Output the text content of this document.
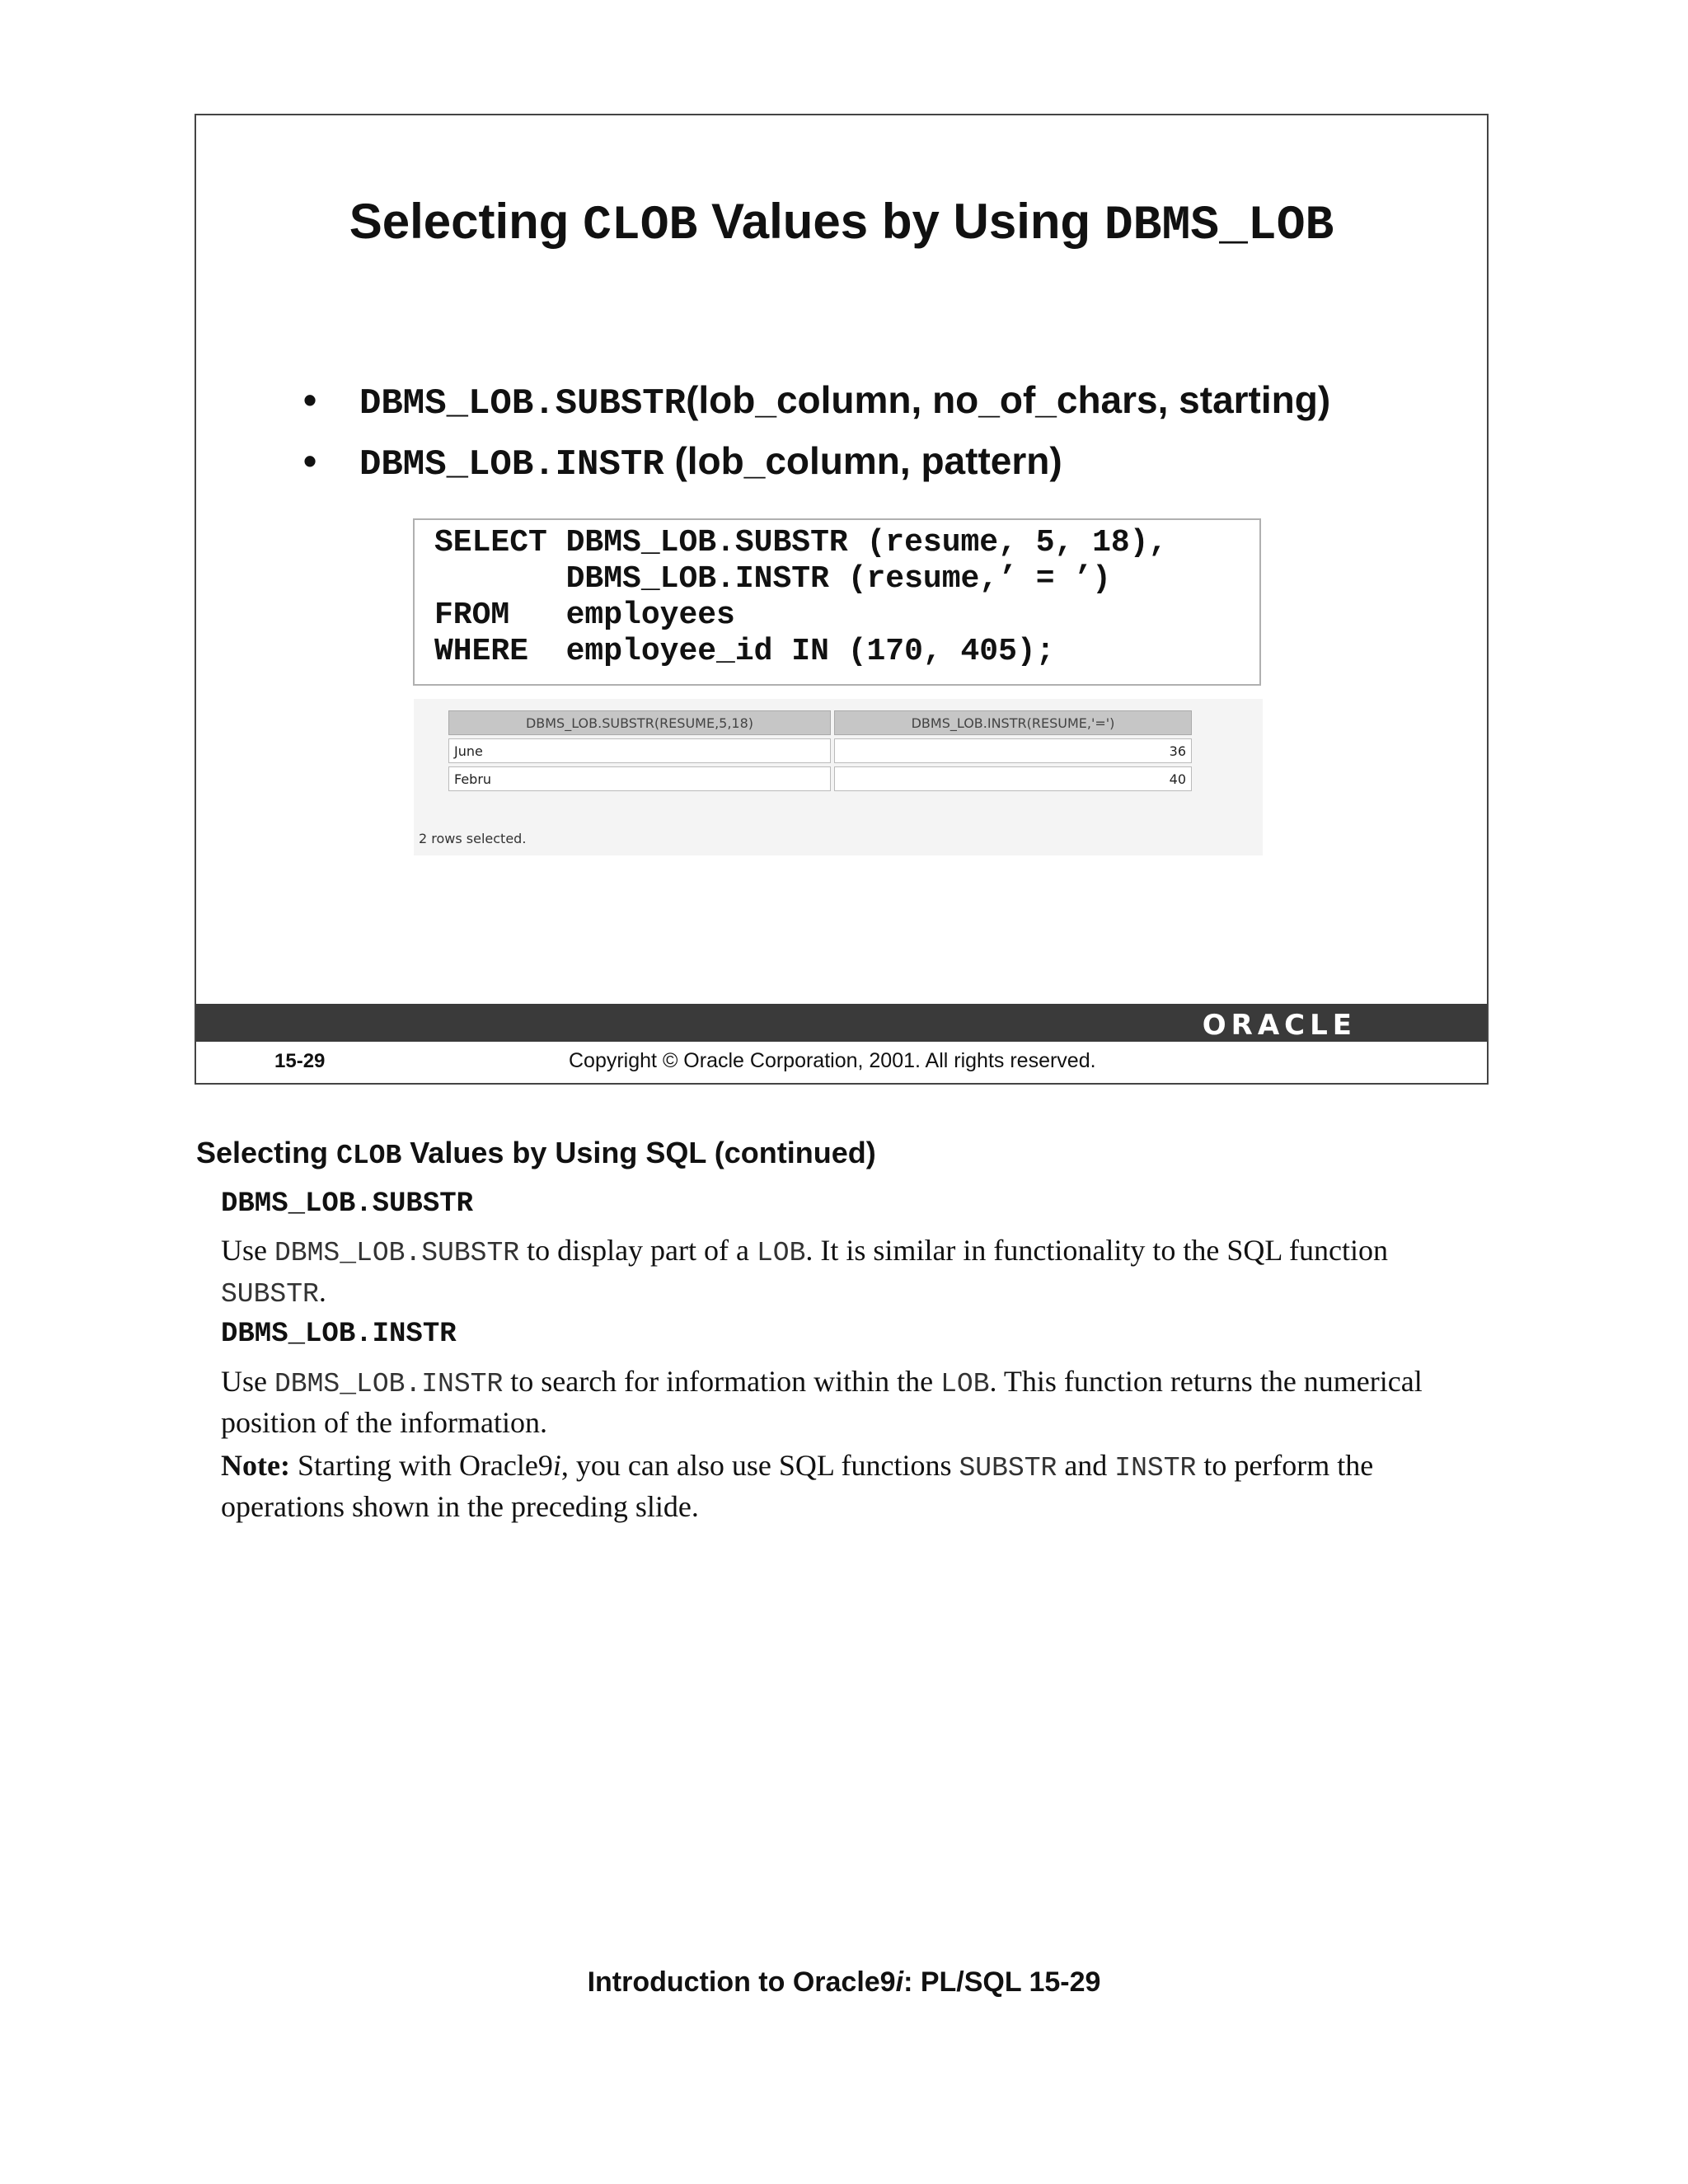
Selecting CLOB Values by Using DBMS_LOB
• DBMS_LOB.SUBSTR(lob_column, no_of_chars, starting)
• DBMS_LOB.INSTR (lob_column, pattern)
SELECT DBMS_LOB.SUBSTR (resume, 5, 18),
DBMS_LOB.INSTR (resume,’ = ’)
FROM   employees
WHERE  employee_id IN (170, 405);
DBMS_LOB.SUBSTR(RESUME,5,18)	DBMS_LOB.INSTR(RESUME,'=')
June	36
Febru	40
2 rows selected.
ORACLE
15-29	Copyright © Oracle Corporation, 2001. All rights reserved.
Selecting CLOB Values by Using SQL (continued)
DBMS_LOB.SUBSTR
Use DBMS_LOB.SUBSTR to display part of a LOB. It is similar in functionality to the SQL function SUBSTR.
DBMS_LOB.INSTR
Use DBMS_LOB.INSTR to search for information within the LOB. This function returns the numerical position of the information.
Note: Starting with Oracle9i, you can also use SQL functions SUBSTR and INSTR to perform the operations shown in the preceding slide.
Introduction to Oracle9i: PL/SQL 15-29
